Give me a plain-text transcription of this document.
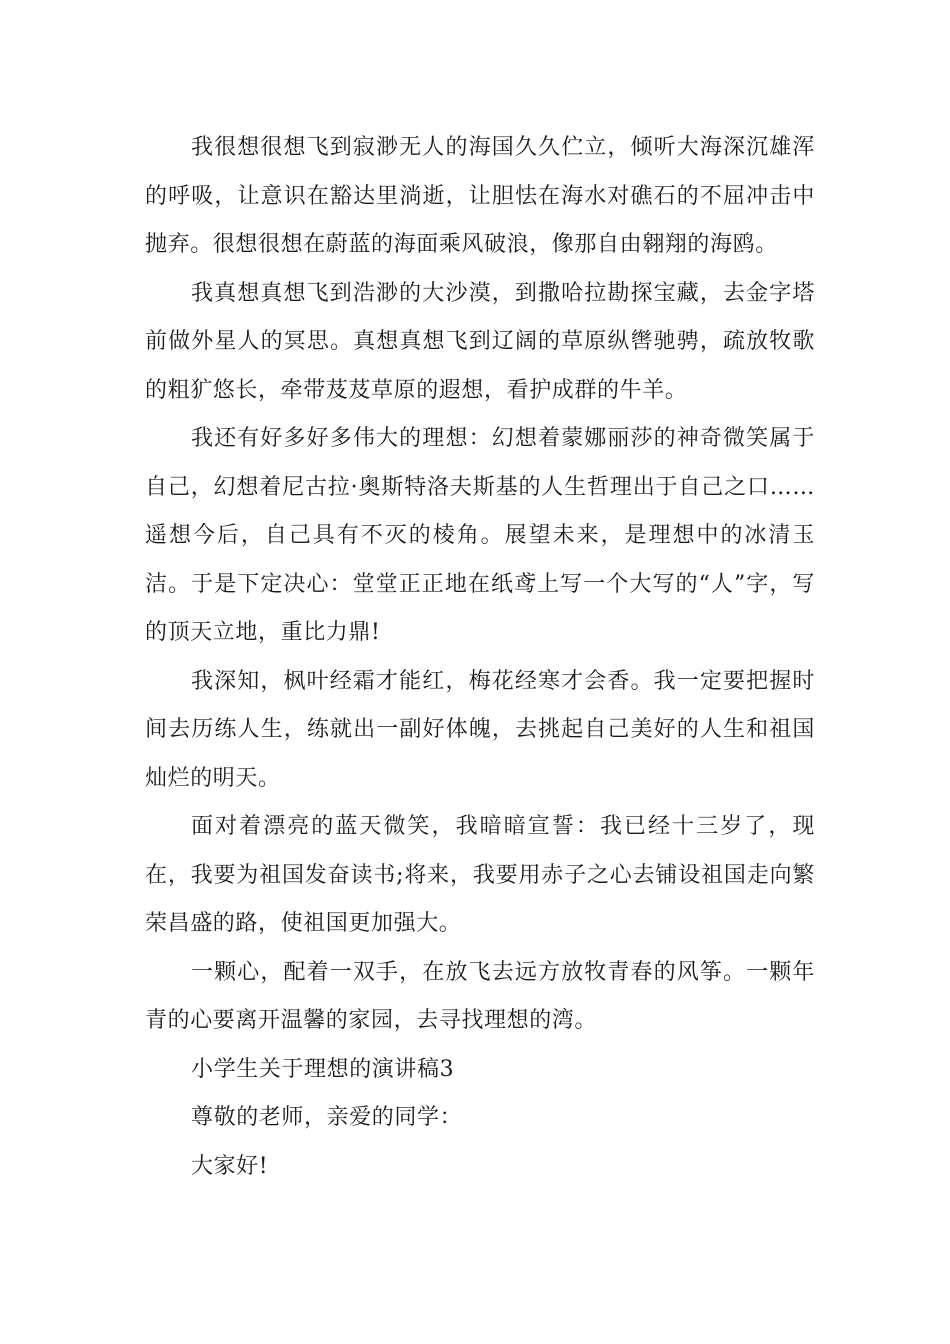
我很想很想飞到寂渺无人的海国久久伫立，倾听大海深沉雄浑的呼吸，让意识在豁达里淌逝，让胆怯在海水对礁石的不屈冲击中抛弃。很想很想在蔚蓝的海面乘风破浪，像那自由翱翔的海鸥。

我真想真想飞到浩渺的大沙漠，到撒哈拉勘探宝藏，去金字塔前做外星人的冥思。真想真想飞到辽阔的草原纵辔驰骋，疏放牧歌的粗犷悠长，牵带芨芨草原的遐想，看护成群的牛羊。

我还有好多好多伟大的理想：幻想着蒙娜丽莎的神奇微笑属于自己，幻想着尼古拉·奥斯特洛夫斯基的人生哲理出于自己之口……遥想今后，自己具有不灭的棱角。展望未来，是理想中的冰清玉洁。于是下定决心：堂堂正正地在纸鸢上写一个大写的“人”字，写的顶天立地，重比力鼎!

我深知，枫叶经霜才能红，梅花经寒才会香。我一定要把握时间去历练人生，练就出一副好体魄，去挑起自己美好的人生和祖国灿烂的明天。

面对着漂亮的蓝天微笑，我暗暗宣誓：我已经十三岁了，现在，我要为祖国发奋读书;将来，我要用赤子之心去铺设祖国走向繁荣昌盛的路，使祖国更加强大。

一颗心，配着一双手，在放飞去远方放牧青春的风筝。一颗年青的心要离开温馨的家园，去寻找理想的湾。

小学生关于理想的演讲稿3

尊敬的老师，亲爱的同学：

大家好!
